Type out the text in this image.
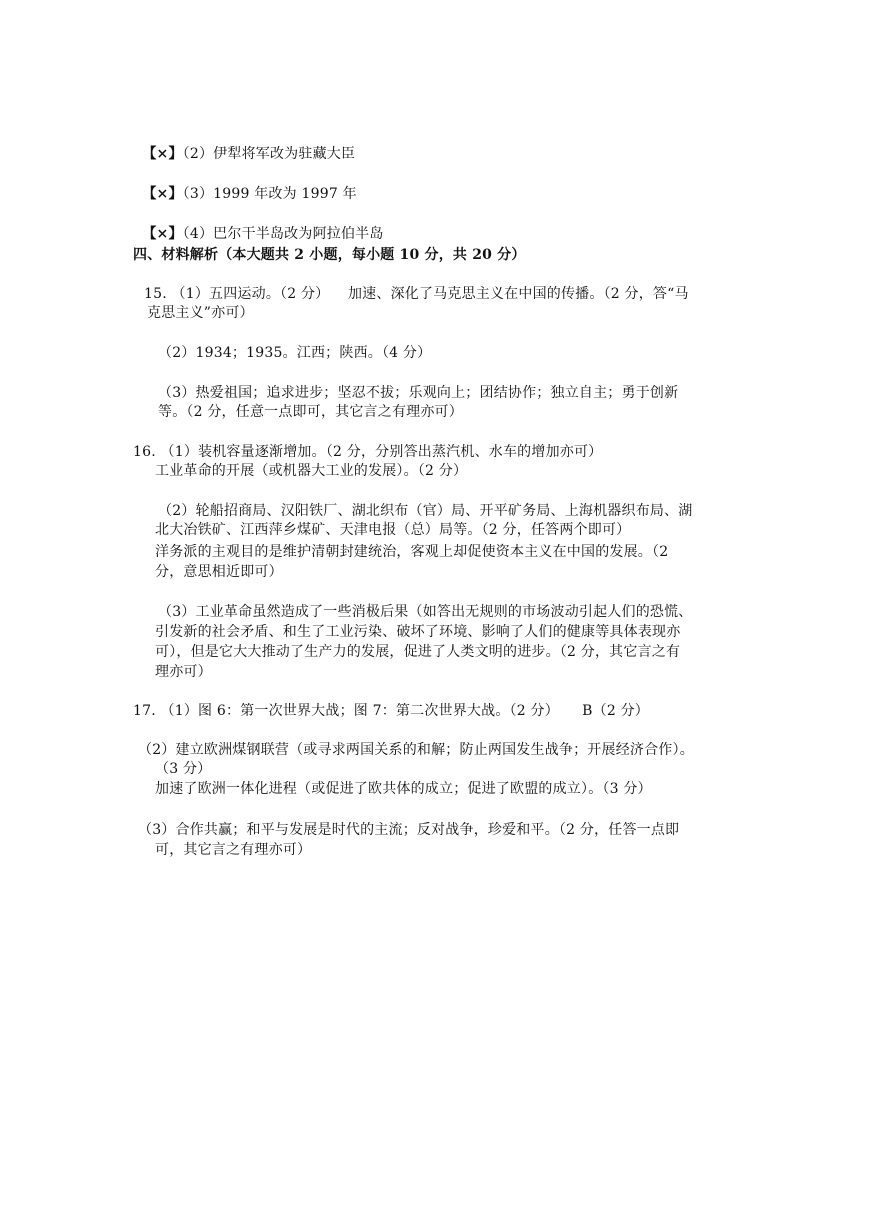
【×】（2）伊犁将军改为驻藏大臣

【×】（3）1999 年改为 1997 年

【×】（4）巴尔干半岛改为阿拉伯半岛

四、材料解析（本大题共 2 小题，每小题 10 分，共 20 分）
15. （1）五四运动。（2 分）    加速、深化了马克思主义在中国的传播。（2 分，答“马
克思主义”亦可）
（2）1934；1935。江西；陕西。（4 分）
（3）热爱祖国；追求进步；坚忍不拔；乐观向上；团结协作；独立自主；勇于创新
等。（2 分，任意一点即可，其它言之有理亦可）
16. （1）装机容量逐渐增加。（2 分，分别答出蒸汽机、水车的增加亦可）
工业革命的开展（或机器大工业的发展）。（2 分）
（2）轮船招商局、汉阳铁厂、湖北织布（官）局、开平矿务局、上海机器织布局、湖
北大冶铁矿、江西萍乡煤矿、天津电报（总）局等。（2 分，任答两个即可）
洋务派的主观目的是维护清朝封建统治，客观上却促使资本主义在中国的发展。（2
分，意思相近即可）
（3）工业革命虽然造成了一些消极后果（如答出无规则的市场波动引起人们的恐慌、
引发新的社会矛盾、和生了工业污染、破坏了环境、影响了人们的健康等具体表现亦
可），但是它大大推动了生产力的发展，促进了人类文明的进步。（2 分，其它言之有
理亦可）
17. （1）图 6：第一次世界大战；图 7：第二次世界大战。（2 分）     B（2 分）
（2）建立欧洲煤钢联营（或寻求两国关系的和解；防止两国发生战争；开展经济合作）。
（3 分）
加速了欧洲一体化进程（或促进了欧共体的成立；促进了欧盟的成立）。（3 分）
（3）合作共赢；和平与发展是时代的主流；反对战争，珍爱和平。（2 分，任答一点即
可，其它言之有理亦可）
